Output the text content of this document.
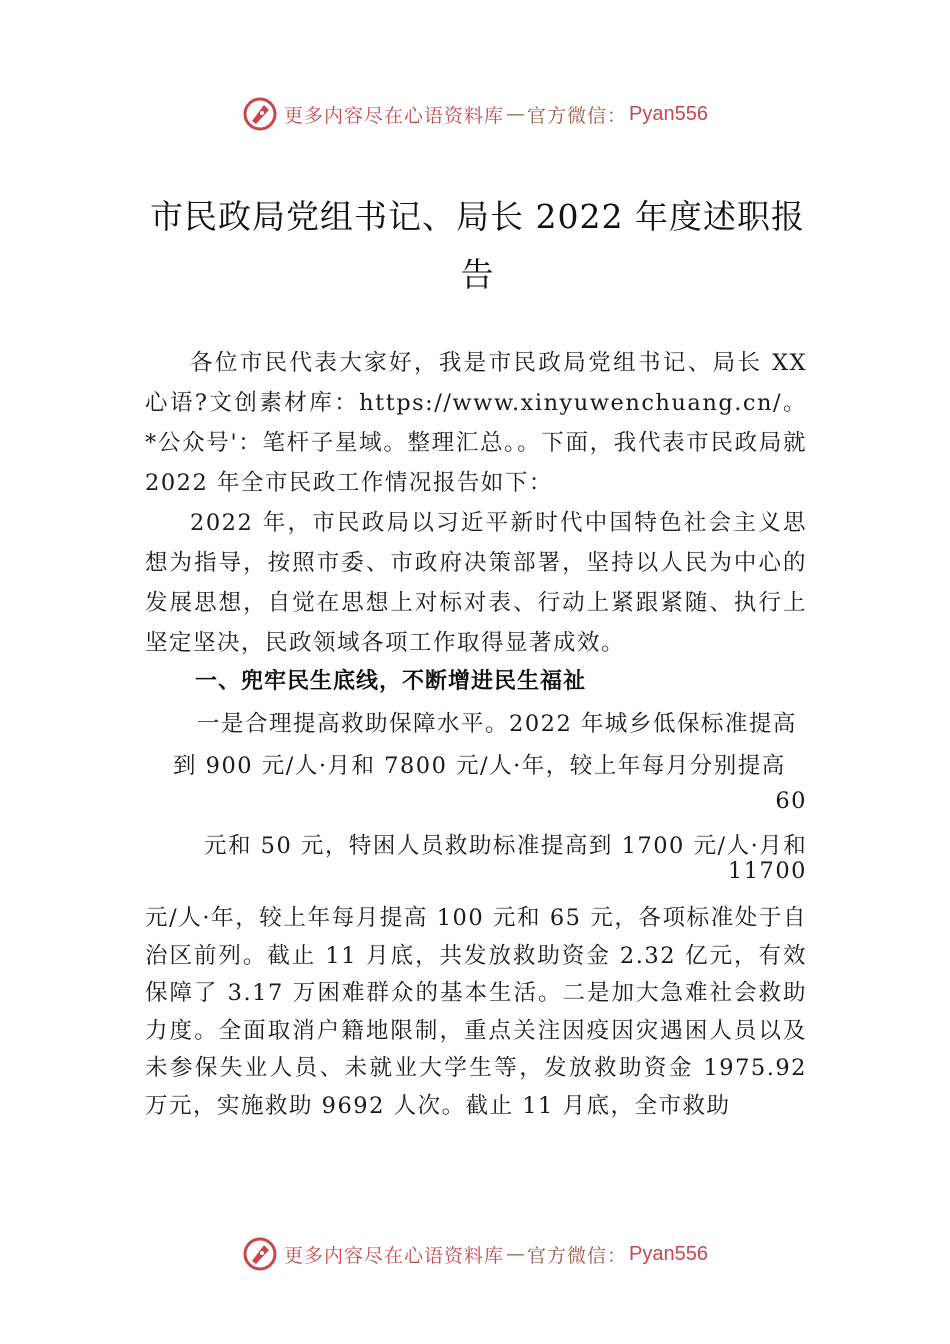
更多内容尽在心语资料库 — 官方微信： Pyan556
市民政局党组书记、局长 2022 年度述职报
告
各位市民代表大家好，我是市民政局党组书记、局长 XX 心语?文创素材库：https://www.xinyuwenchuang.cn/。*公众号'：笔杆子星域。整理汇总。。下面，我代表市民政局就 2022 年全市民政工作情况报告如下：
2022 年，市民政局以习近平新时代中国特色社会主义思想为指导，按照市委、市政府决策部署，坚持以人民为中心的发展思想，自觉在思想上对标对表、行动上紧跟紧随、执行上坚定坚决，民政领域各项工作取得显著成效。
一、兜牢民生底线，不断增进民生福祉
一是合理提高救助保障水平。2022 年城乡低保标准提高
到 900 元/人·月和 7800 元/人·年，较上年每月分别提高
60
元和 50 元，特困人员救助标准提高到 1700 元/人·月和
11700
元/人·年，较上年每月提高 100 元和 65 元，各项标准处于自治区前列。截止 11 月底，共发放救助资金 2.32 亿元，有效保障了 3.17 万困难群众的基本生活。二是加大急难社会救助力度。全面取消户籍地限制，重点关注因疫因灾遇困人员以及未参保失业人员、未就业大学生等，发放救助资金 1975.92 万元，实施救助 9692 人次。截止 11 月底，全市救助
更多内容尽在心语资料库 — 官方微信： Pyan556
